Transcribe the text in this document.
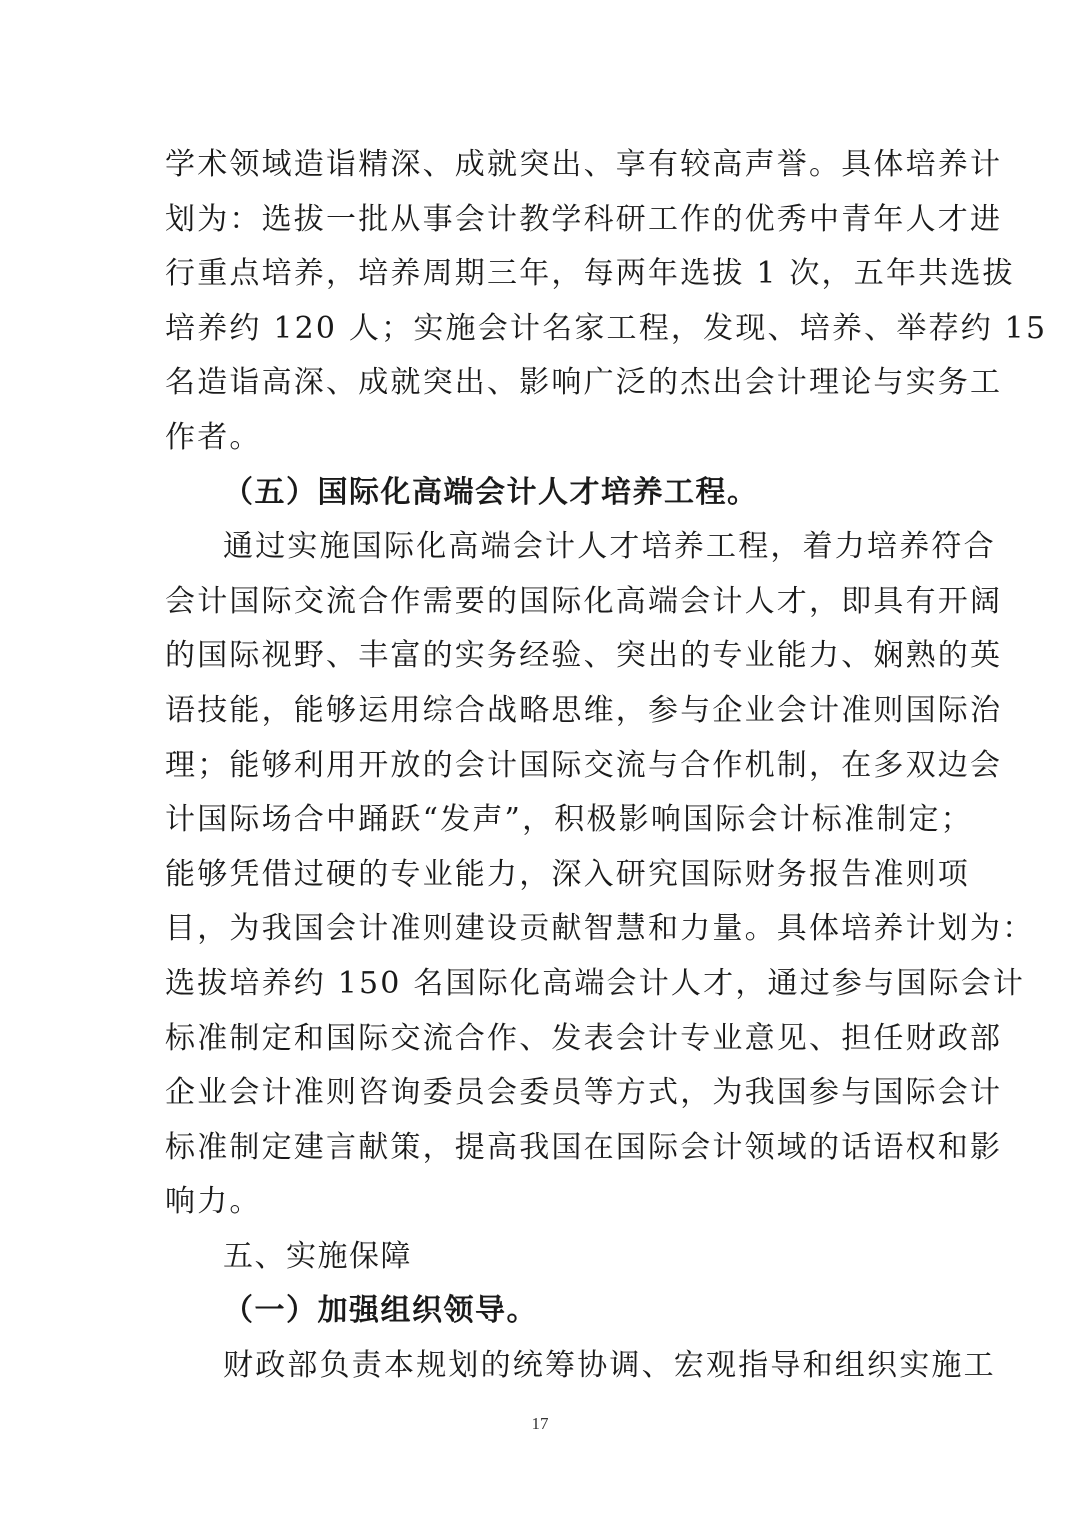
学术领域造诣精深、成就突出、享有较高声誉。具体培养计
划为：选拔一批从事会计教学科研工作的优秀中青年人才进
行重点培养，培养周期三年，每两年选拔 1 次，五年共选拔
培养约 120 人；实施会计名家工程，发现、培养、举荐约 15
名造诣高深、成就突出、影响广泛的杰出会计理论与实务工
作者。
（五）国际化高端会计人才培养工程。
通过实施国际化高端会计人才培养工程，着力培养符合
会计国际交流合作需要的国际化高端会计人才，即具有开阔
的国际视野、丰富的实务经验、突出的专业能力、娴熟的英
语技能，能够运用综合战略思维，参与企业会计准则国际治
理；能够利用开放的会计国际交流与合作机制，在多双边会
计国际场合中踊跃“发声”，积极影响国际会计标准制定；
能够凭借过硬的专业能力，深入研究国际财务报告准则项
目，为我国会计准则建设贡献智慧和力量。具体培养计划为：
选拔培养约 150 名国际化高端会计人才，通过参与国际会计
标准制定和国际交流合作、发表会计专业意见、担任财政部
企业会计准则咨询委员会委员等方式，为我国参与国际会计
标准制定建言献策，提高我国在国际会计领域的话语权和影
响力。
五、实施保障
（一）加强组织领导。
财政部负责本规划的统筹协调、宏观指导和组织实施工
17
